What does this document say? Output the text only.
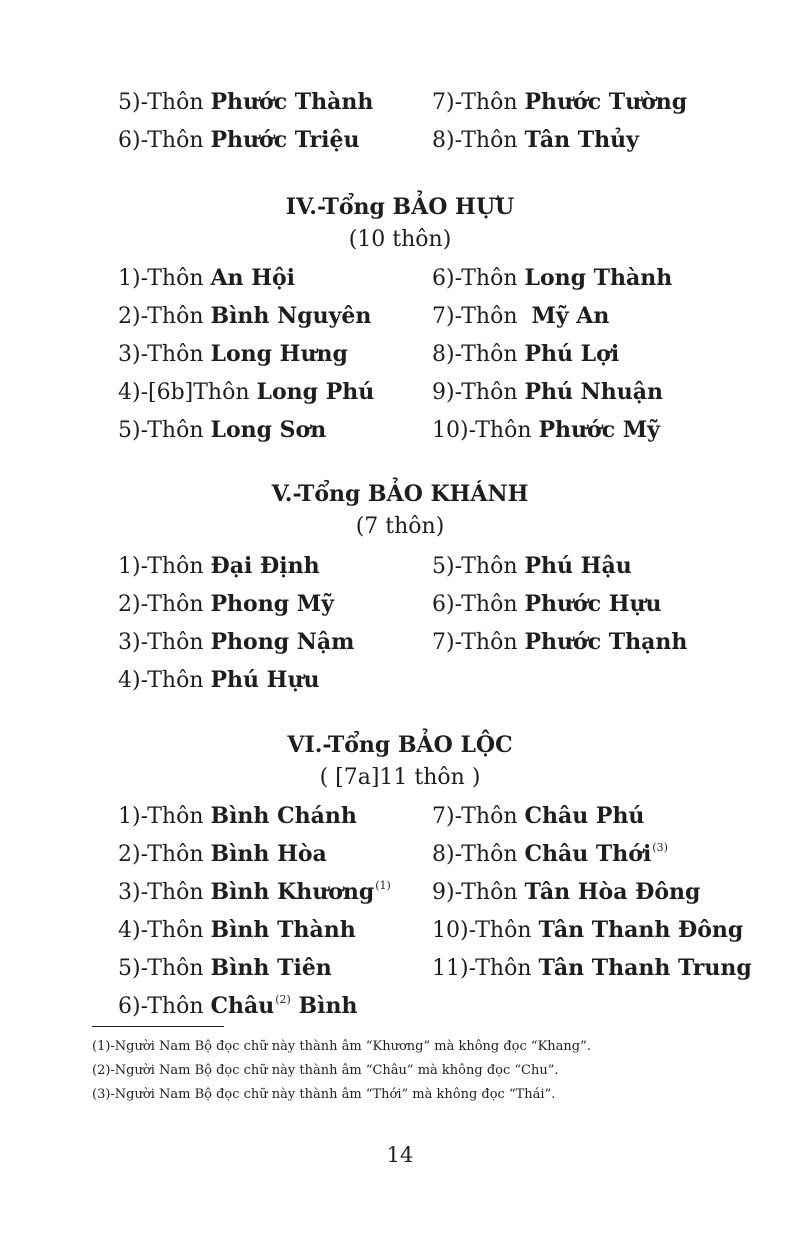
5)-Thôn Phước Thành
6)-Thôn Phước Triệu
7)-Thôn Phước Tường
8)-Thôn Tân Thủy
IV.-Tổng BẢO HỰU
(10 thôn)
1)-Thôn An Hội
2)-Thôn Bình Nguyên
3)-Thôn Long Hưng
4)-[6b]Thôn Long Phú
5)-Thôn Long Sơn
6)-Thôn Long Thành
7)-Thôn  Mỹ An
8)-Thôn Phú Lợi
9)-Thôn Phú Nhuận
10)-Thôn Phước Mỹ
V.-Tổng BẢO KHÁNH
(7 thôn)
1)-Thôn Đại Định
2)-Thôn Phong Mỹ
3)-Thôn Phong Nậm
4)-Thôn Phú Hựu
5)-Thôn Phú Hậu
6)-Thôn Phước Hựu
7)-Thôn Phước Thạnh
VI.-Tổng BẢO LỘC
( [7a]11 thôn )
1)-Thôn Bình Chánh
2)-Thôn Bình Hòa
3)-Thôn Bình Khương$^{(1)}$
4)-Thôn Bình Thành
5)-Thôn Bình Tiên
6)-Thôn Châu$^{(2)}$ Bình
7)-Thôn Châu Phú
8)-Thôn Châu Thới$^{(3)}$
9)-Thôn Tân Hòa Đông
10)-Thôn Tân Thanh Đông
11)-Thôn Tân Thanh Trung
(1)-Người Nam Bộ đọc chữ này thành âm “Khương” mà không đọc “Khang”.
(2)-Người Nam Bộ đọc chữ này thành âm “Châu” mà không đọc “Chu”.
(3)-Người Nam Bộ đọc chữ này thành âm “Thới” mà không đọc “Thái”.
14
